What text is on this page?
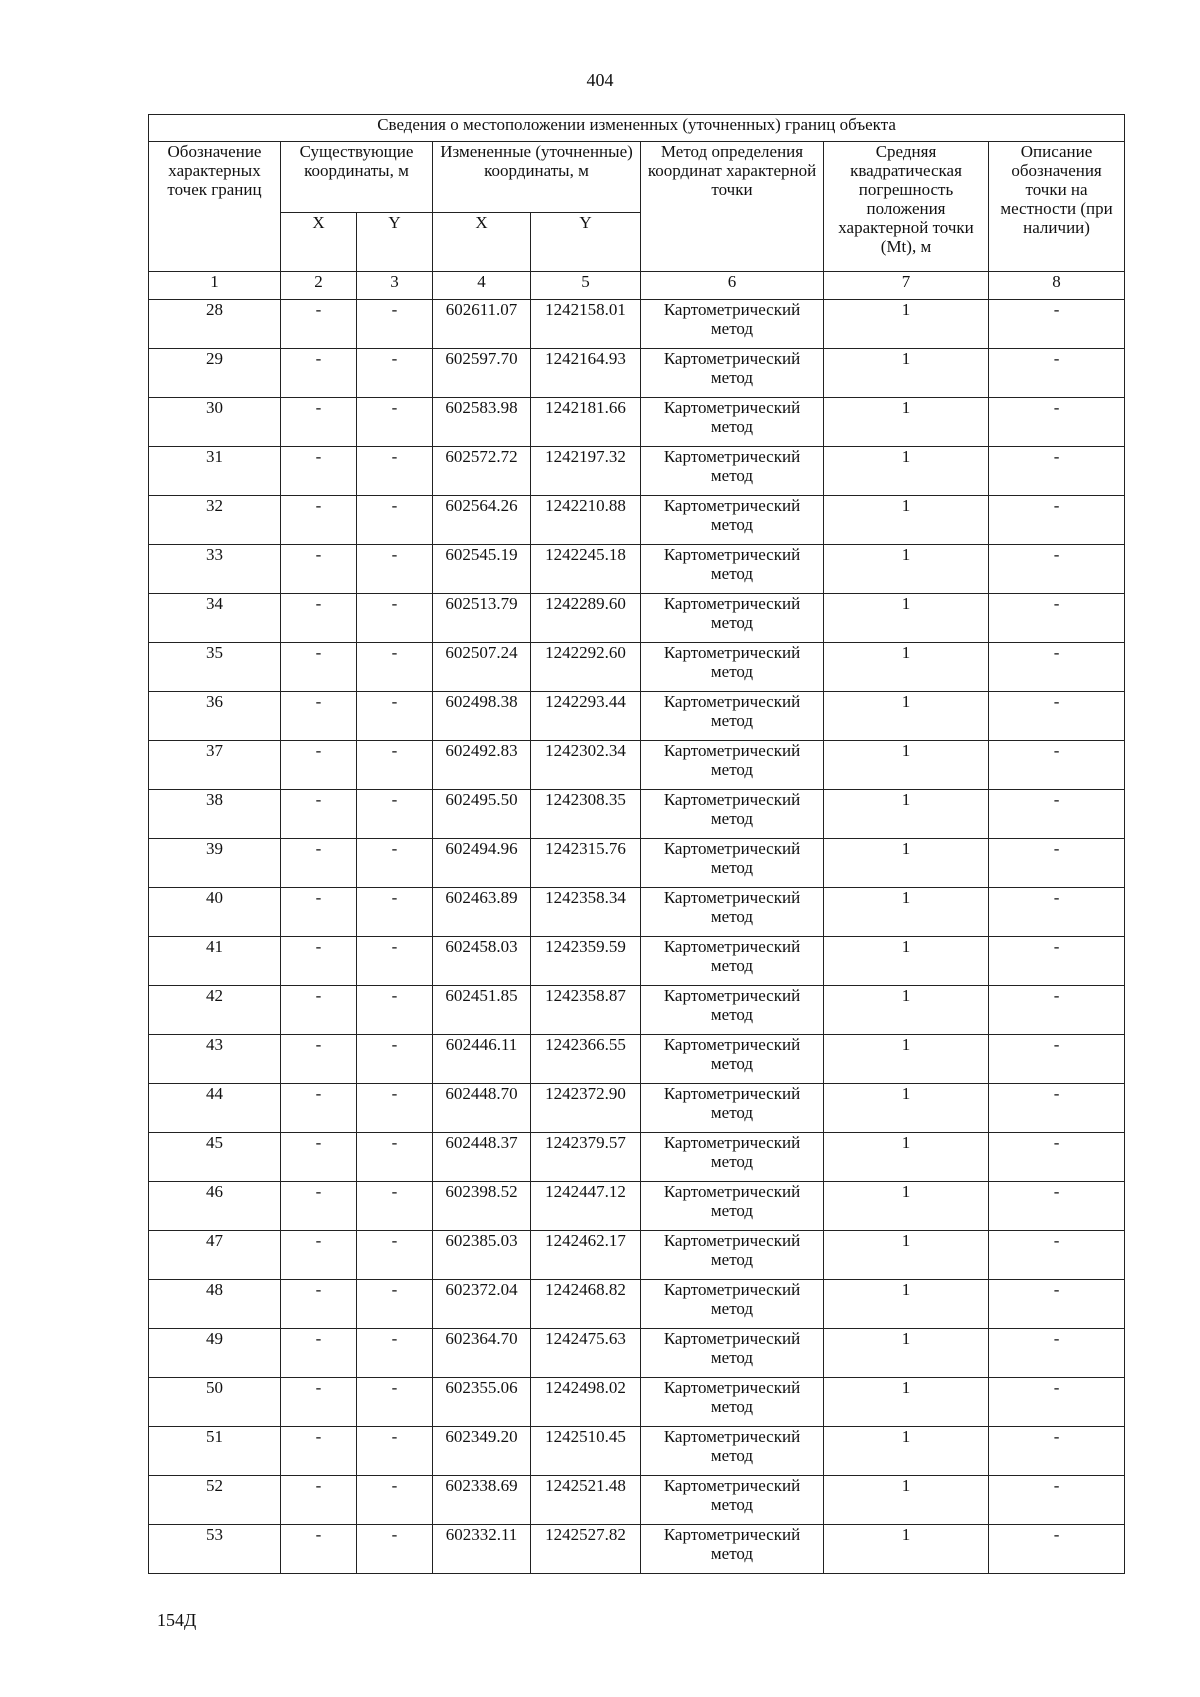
404
Сведения о местоположении измененных (уточненных) границ объекта							
Обозначение характерных точек границ	Существующие координаты, м		Измененные (уточненные) координаты, м		Метод определения координат характерной точки	Средняя квадратическая погрешность положения характерной точки (Mt), м	Описание обозначения точки на местности (при наличии)
	X	Y	X	Y			
1	2	3	4	5	6	7	8
28	-	-	602611.07	1242158.01	Картометрический метод	1	-
29	-	-	602597.70	1242164.93	Картометрический метод	1	-
30	-	-	602583.98	1242181.66	Картометрический метод	1	-
31	-	-	602572.72	1242197.32	Картометрический метод	1	-
32	-	-	602564.26	1242210.88	Картометрический метод	1	-
33	-	-	602545.19	1242245.18	Картометрический метод	1	-
34	-	-	602513.79	1242289.60	Картометрический метод	1	-
35	-	-	602507.24	1242292.60	Картометрический метод	1	-
36	-	-	602498.38	1242293.44	Картометрический метод	1	-
37	-	-	602492.83	1242302.34	Картометрический метод	1	-
38	-	-	602495.50	1242308.35	Картометрический метод	1	-
39	-	-	602494.96	1242315.76	Картометрический метод	1	-
40	-	-	602463.89	1242358.34	Картометрический метод	1	-
41	-	-	602458.03	1242359.59	Картометрический метод	1	-
42	-	-	602451.85	1242358.87	Картометрический метод	1	-
43	-	-	602446.11	1242366.55	Картометрический метод	1	-
44	-	-	602448.70	1242372.90	Картометрический метод	1	-
45	-	-	602448.37	1242379.57	Картометрический метод	1	-
46	-	-	602398.52	1242447.12	Картометрический метод	1	-
47	-	-	602385.03	1242462.17	Картометрический метод	1	-
48	-	-	602372.04	1242468.82	Картометрический метод	1	-
49	-	-	602364.70	1242475.63	Картометрический метод	1	-
50	-	-	602355.06	1242498.02	Картометрический метод	1	-
51	-	-	602349.20	1242510.45	Картометрический метод	1	-
52	-	-	602338.69	1242521.48	Картометрический метод	1	-
53	-	-	602332.11	1242527.82	Картометрический метод	1	-
154Д
